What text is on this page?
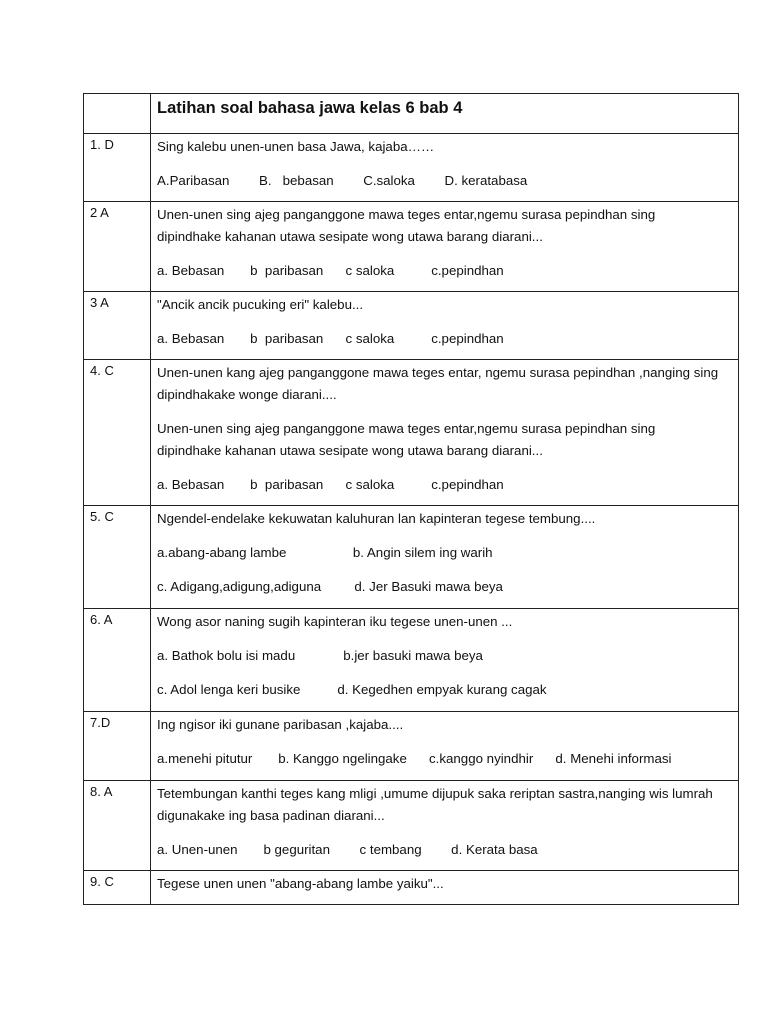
	Latihan soal bahasa jawa kelas 6 bab 4

1. D	Sing kalebu unen-unen basa Jawa, kajaba……
A.Paribasan        B.   bebasan        C.saloka        D. keratabasa

2 A	Unen-unen sing ajeg panganggone mawa teges entar,ngemu surasa pepindhan sing
dipindhake kahanan utawa sesipate wong utawa barang diarani...
a. Bebasan       b  paribasan      c saloka          c.pepindhan

3 A	"Ancik ancik pucuking eri" kalebu...
a. Bebasan       b  paribasan      c saloka          c.pepindhan

4. C	Unen-unen kang ajeg panganggone mawa teges entar, ngemu surasa pepindhan ,nanging sing
dipindhakake wonge diarani....
Unen-unen sing ajeg panganggone mawa teges entar,ngemu surasa pepindhan sing
dipindhake kahanan utawa sesipate wong utawa barang diarani...
a. Bebasan       b  paribasan      c saloka          c.pepindhan

5. C	Ngendel-endelake kekuwatan kaluhuran lan kapinteran tegese tembung....
a.abang-abang lambe                  b. Angin silem ing warih
c. Adigang,adigung,adiguna         d. Jer Basuki mawa beya

6. A	Wong asor naning sugih kapinteran iku tegese unen-unen ...
a. Bathok bolu isi madu             b.jer basuki mawa beya
c. Adol lenga keri busike          d. Kegedhen empyak kurang cagak

7.D	Ing ngisor iki gunane paribasan ,kajaba....
a.menehi pitutur       b. Kanggo ngelingake      c.kanggo nyindhir      d. Menehi informasi

8. A	Tetembungan kanthi teges kang mligi ,umume dijupuk saka reriptan sastra,nanging wis lumrah
digunakake ing basa padinan diarani...
a. Unen-unen       b geguritan        c tembang        d. Kerata basa

9. C	Tegese unen unen "abang-abang lambe yaiku"...
